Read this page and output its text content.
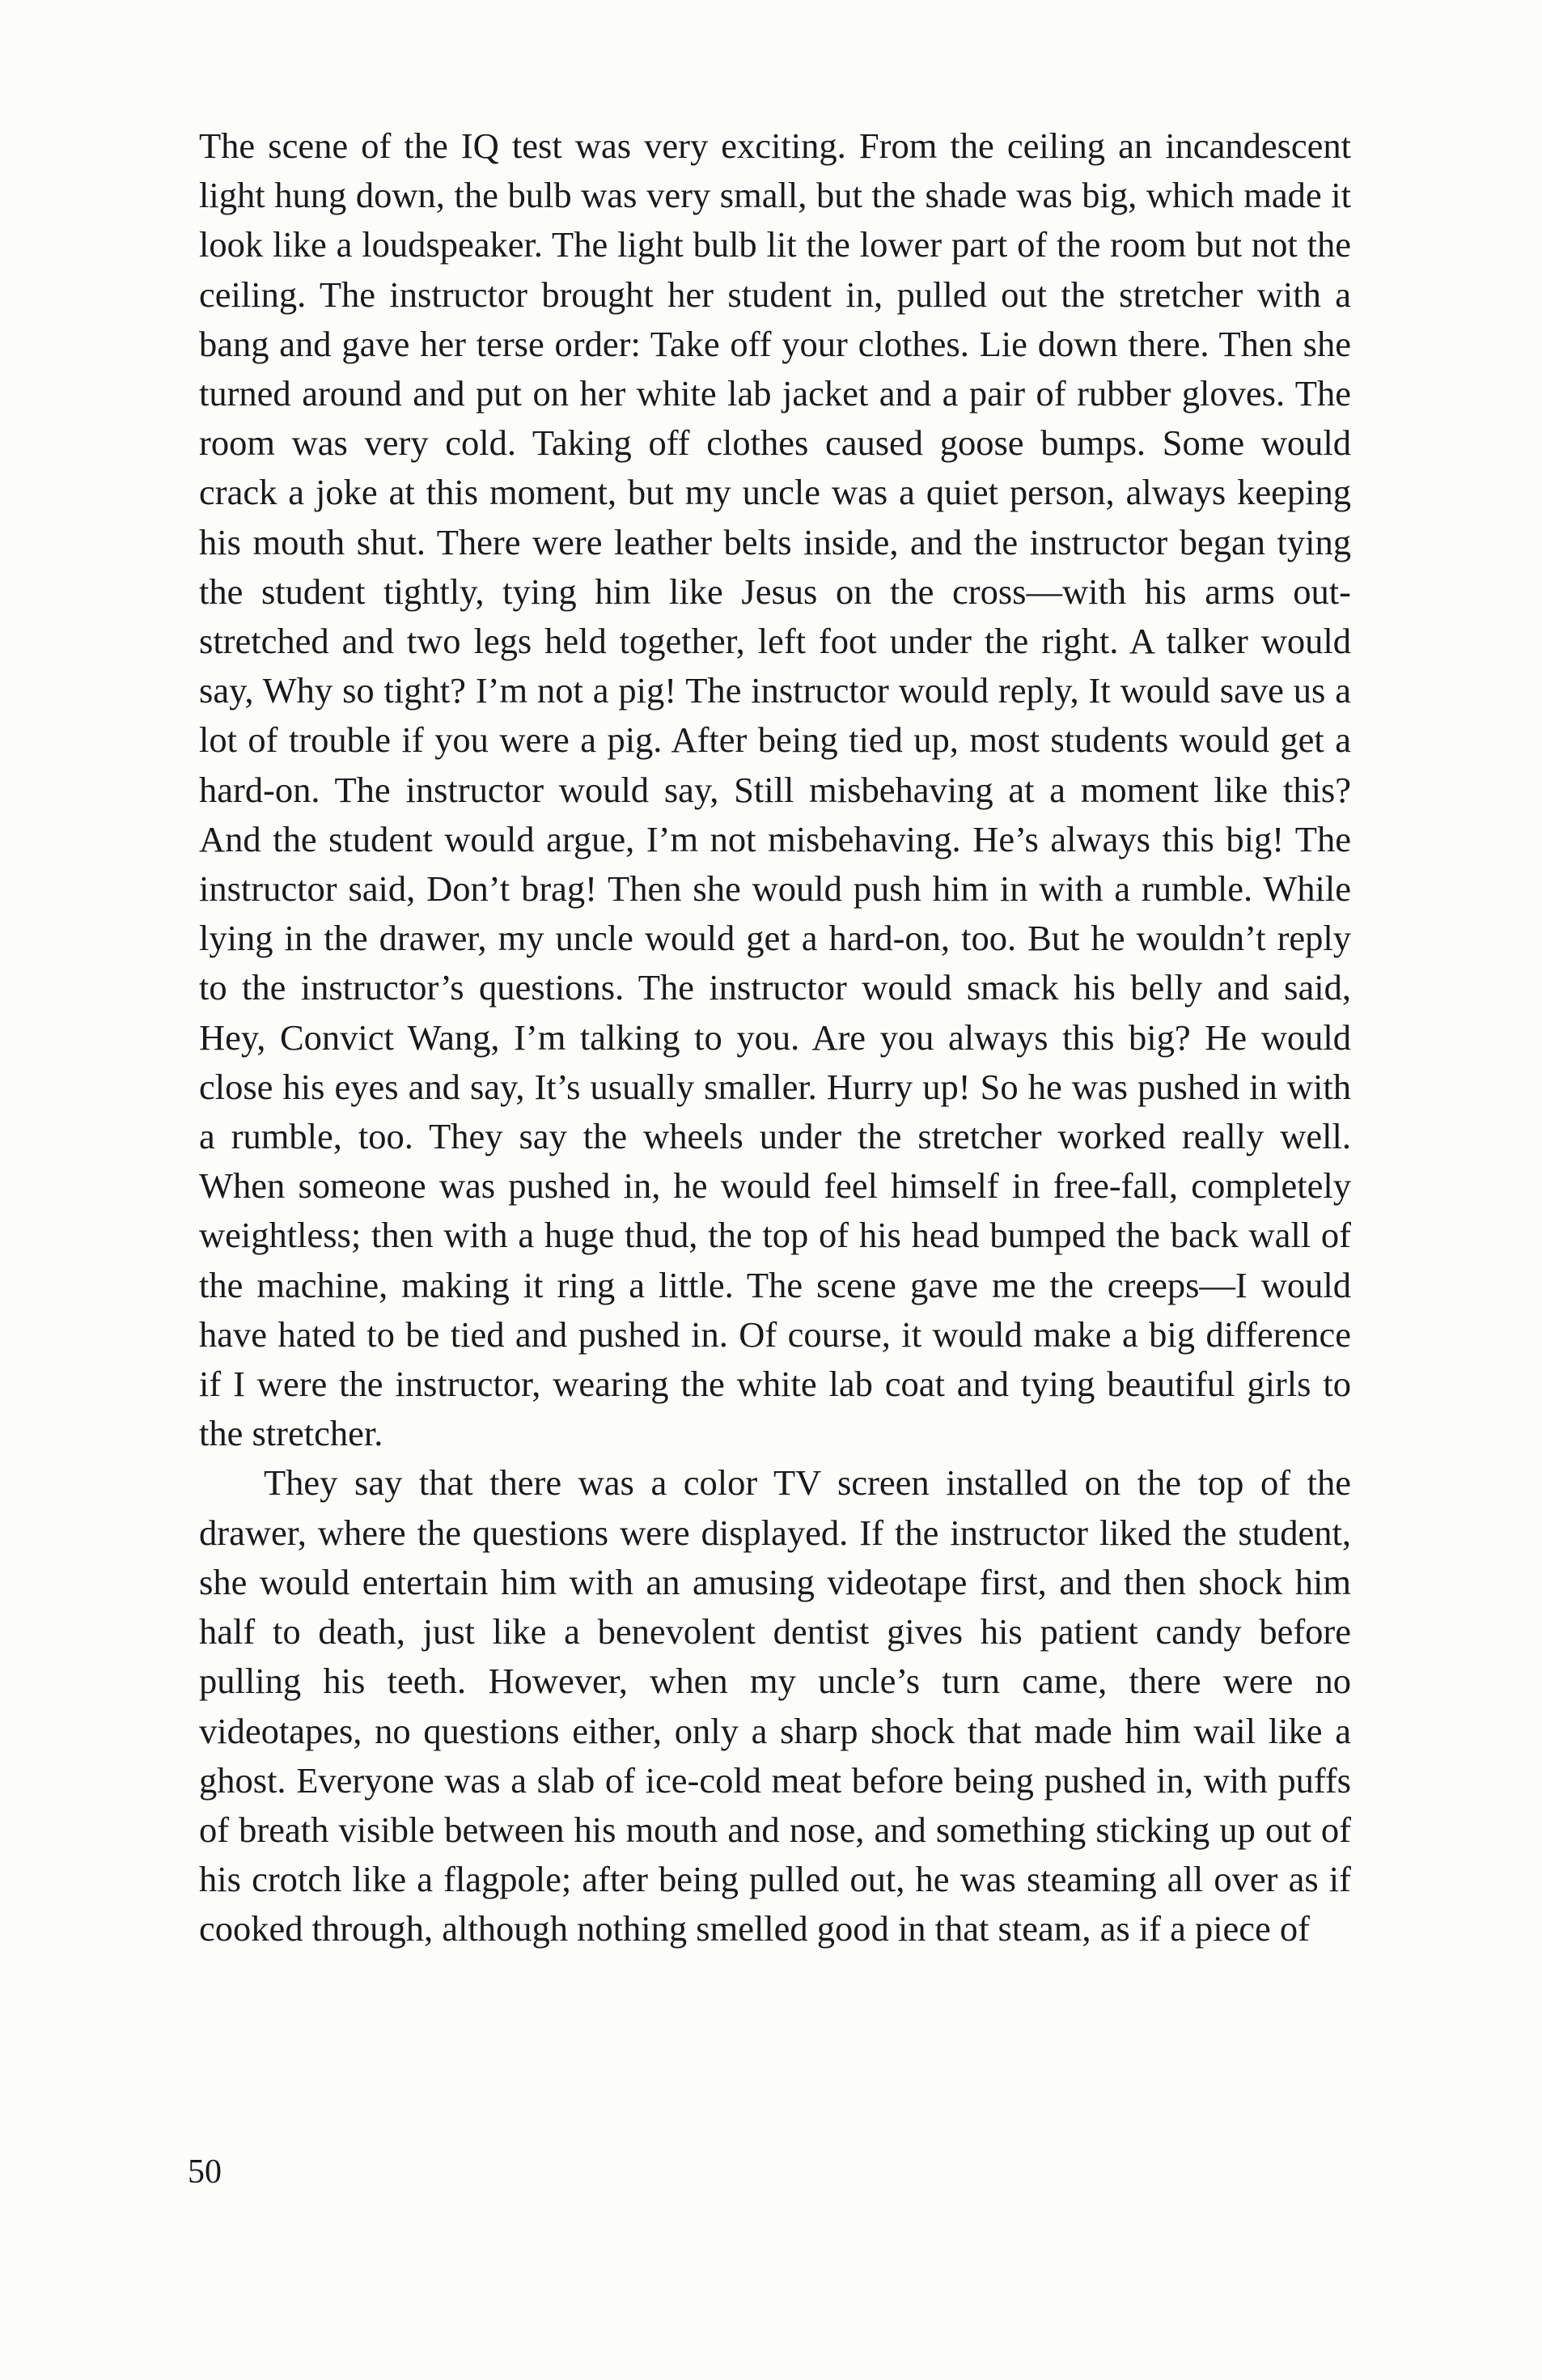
The scene of the IQ test was very exciting. From the ceiling an incandescent light hung down, the bulb was very small, but the shade was big, which made it look like a loudspeaker. The light bulb lit the lower part of the room but not the ceiling. The instructor brought her student in, pulled out the stretcher with a bang and gave her terse order: Take off your clothes. Lie down there. Then she turned around and put on her white lab jacket and a pair of rubber gloves. The room was very cold. Taking off clothes caused goose bumps. Some would crack a joke at this moment, but my uncle was a quiet person, always keeping his mouth shut. There were leather belts inside, and the instructor began tying the student tightly, tying him like Jesus on the cross—with his arms outstretched and two legs held together, left foot under the right. A talker would say, Why so tight? I’m not a pig! The instructor would reply, It would save us a lot of trouble if you were a pig. After being tied up, most students would get a hard-on. The instructor would say, Still misbehaving at a moment like this? And the student would argue, I’m not misbehaving. He’s always this big! The instructor said, Don’t brag! Then she would push him in with a rumble. While lying in the drawer, my uncle would get a hard-on, too. But he wouldn’t reply to the instructor’s questions. The instructor would smack his belly and said, Hey, Convict Wang, I’m talking to you. Are you always this big? He would close his eyes and say, It’s usually smaller. Hurry up! So he was pushed in with a rumble, too. They say the wheels under the stretcher worked really well. When someone was pushed in, he would feel himself in free-fall, completely weightless; then with a huge thud, the top of his head bumped the back wall of the machine, making it ring a little. The scene gave me the creeps—I would have hated to be tied and pushed in. Of course, it would make a big difference if I were the instructor, wearing the white lab coat and tying beautiful girls to the stretcher.

They say that there was a color TV screen installed on the top of the drawer, where the questions were displayed. If the instructor liked the student, she would entertain him with an amusing videotape first, and then shock him half to death, just like a benevolent dentist gives his patient candy before pulling his teeth. However, when my uncle’s turn came, there were no videotapes, no questions either, only a sharp shock that made him wail like a ghost. Everyone was a slab of ice-cold meat before being pushed in, with puffs of breath visible between his mouth and nose, and something sticking up out of his crotch like a flagpole; after being pulled out, he was steaming all over as if cooked through, although nothing smelled good in that steam, as if a piece of

50
